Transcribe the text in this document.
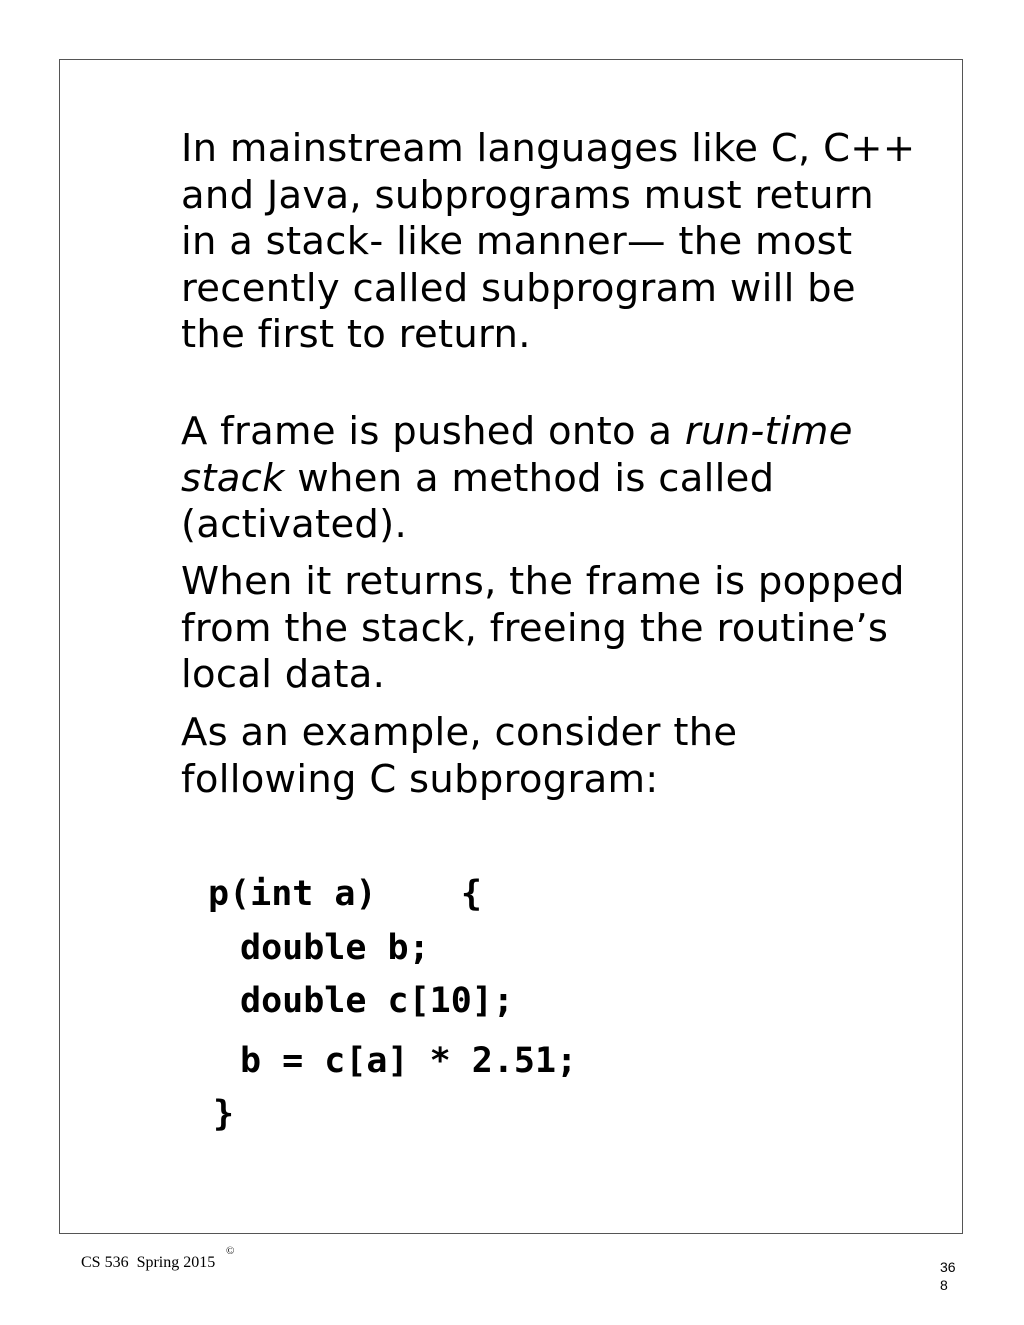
In mainstream languages like C, C++ and Java, subprograms must return in a stack- like manner— the most recently called subprogram will be the first to return.

A frame is pushed onto a run-time stack when a method is called (activated).

When it returns, the frame is popped from the stack, freeing the routine’s local data.

As an example, consider the following C subprogram:

p(int a)    {
double b;
double c[10];
b = c[a] * 2.51;
}
CS 536  Spring 2015
©
36
8
